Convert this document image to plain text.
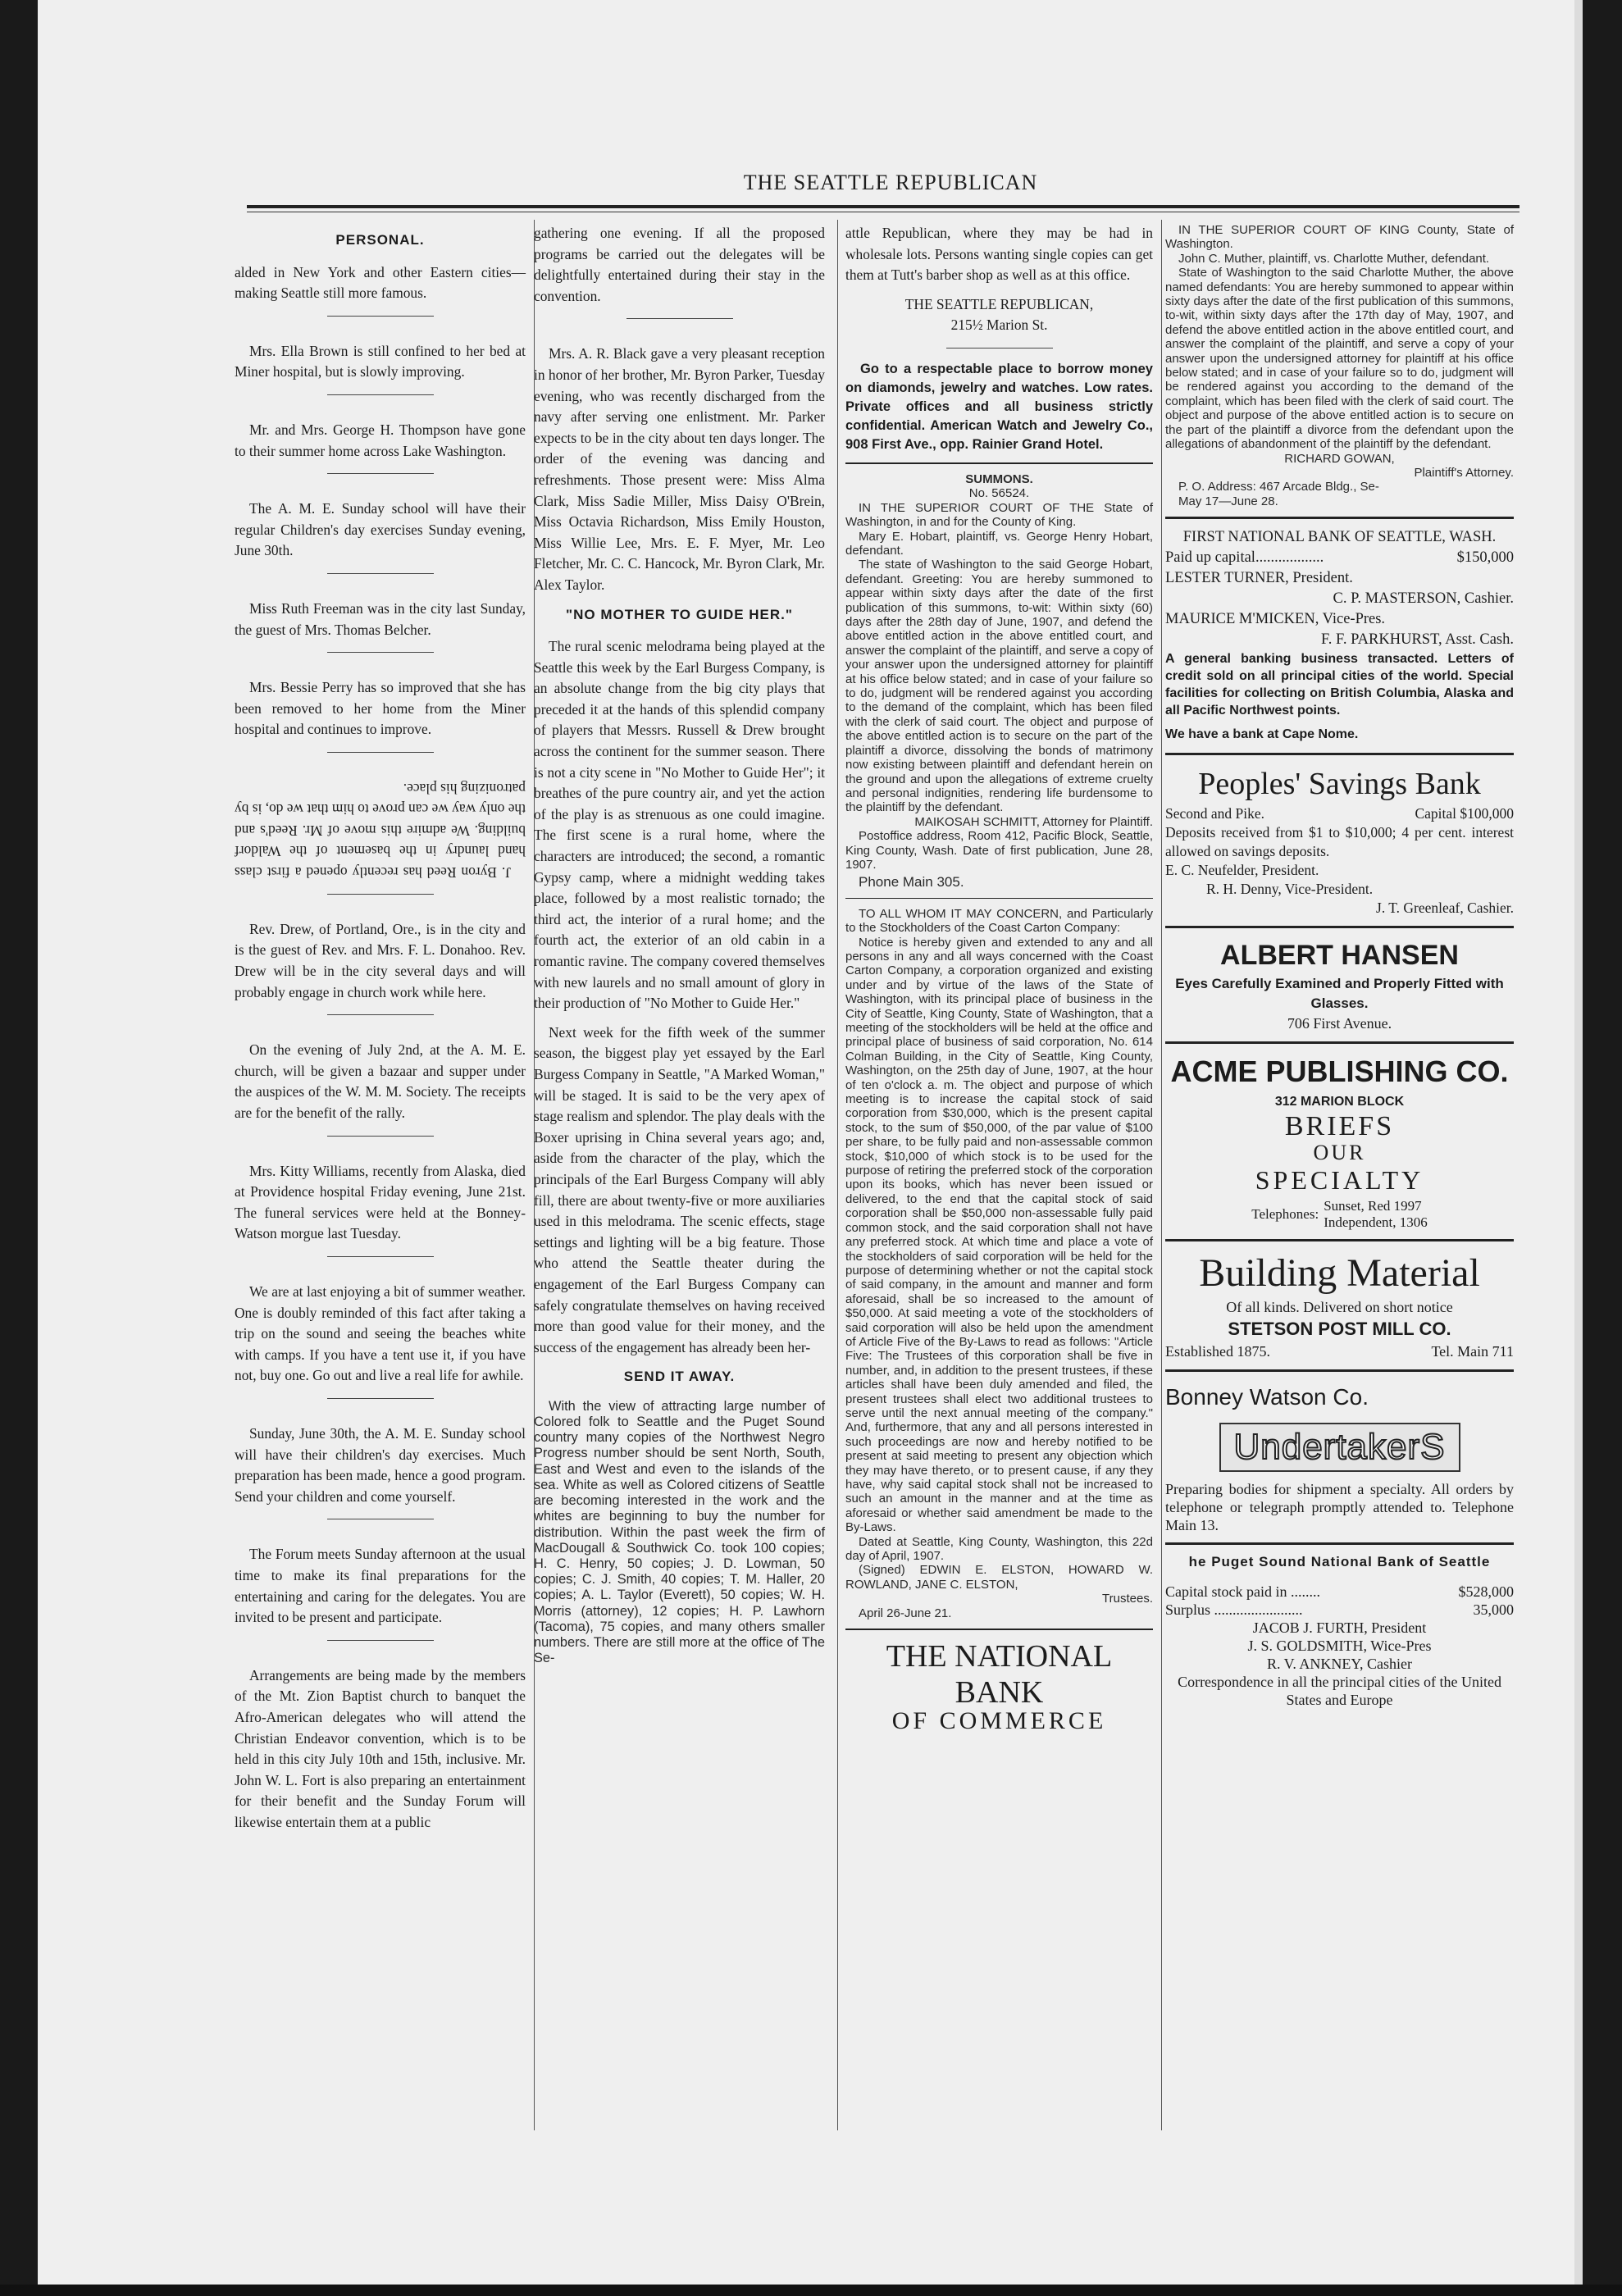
THE SEATTLE REPUBLICAN
PERSONAL.

alded in New York and other Eastern cities—making Seattle still more famous.

Mrs. Ella Brown is still confined to her bed at Miner hospital, but is slowly improving.

Mr. and Mrs. George H. Thompson have gone to their summer home across Lake Washington.

The A. M. E. Sunday school will have their regular Children's day exercises Sunday evening, June 30th.

Miss Ruth Freeman was in the city last Sunday, the guest of Mrs. Thomas Belcher.

Mrs. Bessie Perry has so improved that she has been removed to her home from the Miner hospital and continues to improve.

J. Byron Reed has recently opened a first class hand laundry in the basement of the Waldorf building. We admire this move of Mr. Reed's and the only way we can prove to him that we do, is by patronizing his place.

Rev. Drew, of Portland, Ore., is in the city and is the guest of Rev. and Mrs. F. L. Donahoo. Rev. Drew will be in the city several days and will probably engage in church work while here.

On the evening of July 2nd, at the A. M. E. church, will be given a bazaar and supper under the auspices of the W. M. M. Society. The receipts are for the benefit of the rally.

Mrs. Kitty Williams, recently from Alaska, died at Providence hospital Friday evening, June 21st. The funeral services were held at the Bonney-Watson morgue last Tuesday.

We are at last enjoying a bit of summer weather. One is doubly reminded of this fact after taking a trip on the sound and seeing the beaches white with camps. If you have a tent use it, if you have not, buy one. Go out and live a real life for awhile.

Sunday, June 30th, the A. M. E. Sunday school will have their children's day exercises. Much preparation has been made, hence a good program. Send your children and come yourself.

The Forum meets Sunday afternoon at the usual time to make its final preparations for the entertaining and caring for the delegates. You are invited to be present and participate.

Arrangements are being made by the members of the Mt. Zion Baptist church to banquet the Afro-American delegates who will attend the Christian Endeavor convention, which is to be held in this city July 10th and 15th, inclusive. Mr. John W. L. Fort is also preparing an entertainment for their benefit and the Sunday Forum will likewise entertain them at a public

gathering one evening. If all the proposed programs be carried out the delegates will be delightfully entertained during their stay in the convention.

Mrs. A. R. Black gave a very pleasant reception in honor of her brother, Mr. Byron Parker, Tuesday evening, who was recently discharged from the navy after serving one enlistment. Mr. Parker expects to be in the city about ten days longer. The order of the evening was dancing and refreshments. Those present were: Miss Alma Clark, Miss Sadie Miller, Miss Daisy O'Brein, Miss Octavia Richardson, Miss Emily Houston, Miss Willie Lee, Mrs. E. F. Myer, Mr. Leo Fletcher, Mr. C. C. Hancock, Mr. Byron Clark, Mr. Alex Taylor.

"NO MOTHER TO GUIDE HER."

The rural scenic melodrama being played at the Seattle this week by the Earl Burgess Company, is an absolute change from the big city plays that preceded it at the hands of this splendid company of players that Messrs. Russell & Drew brought across the continent for the summer season. There is not a city scene in "No Mother to Guide Her"; it breathes of the pure country air, and yet the action of the play is as strenuous as one could imagine. The first scene is a rural home, where the characters are introduced; the second, a romantic Gypsy camp, where a midnight wedding takes place, followed by a most realistic tornado; the third act, the interior of a rural home; and the fourth act, the exterior of an old cabin in a romantic ravine. The company covered themselves with new laurels and no small amount of glory in their production of "No Mother to Guide Her."

Next week for the fifth week of the summer season, the biggest play yet essayed by the Earl Burgess Company in Seattle, "A Marked Woman," will be staged. It is said to be the very apex of stage realism and splendor. The play deals with the Boxer uprising in China several years ago; and, aside from the character of the play, which the principals of the Earl Burgess Company will ably fill, there are about twenty-five or more auxiliaries used in this melodrama. The scenic effects, stage settings and lighting will be a big feature. Those who attend the Seattle theater during the engagement of the Earl Burgess Company can safely congratulate themselves on having received more than good value for their money, and the success of the engagement has already been her-

SEND IT AWAY.

With the view of attracting large number of Colored folk to Seattle and the Puget Sound country many copies of the Northwest Negro Progress number should be sent North, South, East and West and even to the islands of the sea. White as well as Colored citizens of Seattle are becoming interested in the work and the whites are beginning to buy the number for distribution. Within the past week the firm of MacDougall & Southwick Co. took 100 copies; H. C. Henry, 50 copies; J. D. Lowman, 50 copies; C. J. Smith, 40 copies; T. M. Haller, 20 copies; A. L. Taylor (Everett), 50 copies; W. H. Morris (attorney), 12 copies; H. P. Lawhorn (Tacoma), 75 copies, and many others smaller numbers. There are still more at the office of The Se-

attle Republican, where they may be had in wholesale lots. Persons wanting single copies can get them at Tutt's barber shop as well as at this office.

THE SEATTLE REPUBLICAN,
215½ Marion St.

Go to a respectable place to borrow money on diamonds, jewelry and watches. Low rates. Private offices and all business strictly confidential. American Watch and Jewelry Co., 908 First Ave., opp. Rainier Grand Hotel.

SUMMONS.

No. 56524.

IN THE SUPERIOR COURT OF THE State of Washington, in and for the County of King.

Mary E. Hobart, plaintiff, vs. George Henry Hobart, defendant.

The state of Washington to the said George Hobart, defendant. Greeting: You are hereby summoned to appear within sixty days after the date of the first publication of this summons, to-wit: Within sixty (60) days after the 28th day of June, 1907, and defend the above entitled action in the above entitled court, and answer the complaint of the plaintiff, and serve a copy of your answer upon the undersigned attorney for plaintiff at his office below stated; and in case of your failure so to do, judgment will be rendered against you according to the demand of the complaint, which has been filed with the clerk of said court. The object and purpose of the above entitled action is to secure on the part of the plaintiff a divorce, dissolving the bonds of matrimony now existing between plaintiff and defendant herein on the ground and upon the allegations of extreme cruelty and personal indignities, rendering life burdensome to the plaintiff by the defendant.

MAIKOSAH SCHMITT, Attorney for Plaintiff.

Postoffice address, Room 412, Pacific Block, Seattle, King County, Wash. Date of first publication, June 28, 1907.

Phone Main 305.

TO ALL WHOM IT MAY CONCERN, and Particularly to the Stockholders of the Coast Carton Company:

Notice is hereby given and extended to any and all persons in any and all ways concerned with the Coast Carton Company, a corporation organized and existing under and by virtue of the laws of the State of Washington, with its principal place of business in the City of Seattle, King County, State of Washington, that a meeting of the stockholders will be held at the office and principal place of business of said corporation, No. 614 Colman Building, in the City of Seattle, King County, Washington, on the 25th day of June, 1907, at the hour of ten o'clock a. m. The object and purpose of which meeting is to increase the capital stock of said corporation from $30,000, which is the present capital stock, to the sum of $50,000, of the par value of $100 per share, to be fully paid and non-assessable common stock, $10,000 of which stock is to be used for the purpose of retiring the preferred stock of the corporation upon its books, which has never been issued or delivered, to the end that the capital stock of said corporation shall be $50,000 non-assessable fully paid common stock, and the said corporation shall not have any preferred stock. At which time and place a vote of the stockholders of said corporation will be held for the purpose of determining whether or not the capital stock of said company, in the amount and manner and form aforesaid, shall be so increased to the amount of $50,000. At said meeting a vote of the stockholders of said corporation will also be held upon the amendment of Article Five of the By-Laws to read as follows: "Article Five: The Trustees of this corporation shall be five in number, and, in addition to the present trustees, if these articles shall have been duly amended and filed, the present trustees shall elect two additional trustees to serve until the next annual meeting of the company." And, furthermore, that any and all persons interested in such proceedings are now and hereby notified to be present at said meeting to present any objection which they may have thereto, or to present cause, if any they have, why said capital stock shall not be increased to such an amount in the manner and at the time as aforesaid or whether said amendment be made to the By-Laws.

Dated at Seattle, King County, Washington, this 22d day of April, 1907.

(Signed) EDWIN E. ELSTON, HOWARD W. ROWLAND, JANE C. ELSTON,

Trustees.

April 26-June 21.

THE NATIONAL BANK
OF COMMERCE

IN THE SUPERIOR COURT OF KING County, State of Washington.

John C. Muther, plaintiff, vs. Charlotte Muther, defendant.

State of Washington to the said Charlotte Muther, the above named defendants: You are hereby summoned to appear within sixty days after the date of the first publication of this summons, to-wit, within sixty days after the 17th day of May, 1907, and defend the above entitled action in the above entitled court, and answer the complaint of the plaintiff, and serve a copy of your answer upon the undersigned attorney for plaintiff at his office below stated; and in case of your failure so to do, judgment will be rendered against you according to the demand of the complaint, which has been filed with the clerk of said court. The object and purpose of the above entitled action is to secure on the part of the plaintiff a divorce from the defendant upon the allegations of abandonment of the plaintiff by the defendant.

RICHARD GOWAN,

Plaintiff's Attorney.

P. O. Address: 467 Arcade Bldg., Se-

May 17—June 28.

FIRST NATIONAL BANK OF SEATTLE, WASH.
Paid up capital..................	$150,000
LESTER TURNER, President.
C. P. MASTERSON, Cashier.
MAURICE M'MICKEN, Vice-Pres.
F. F. PARKHURST, Asst. Cash.
A general banking business transacted. Letters of credit sold on all principal cities of the world. Special facilities for collecting on British Columbia, Alaska and all Pacific Northwest points.
We have a bank at Cape Nome.
Peoples' Savings Bank
Second and Pike.	Capital $100,000
Deposits received from $1 to $10,000; 4 per cent. interest allowed on savings deposits.
E. C. Neufelder, President.
R. H. Denny, Vice-President.
J. T. Greenleaf, Cashier.
ALBERT HANSEN
Eyes Carefully Examined and Properly Fitted with Glasses.
706 First Avenue.
ACME PUBLISHING CO.
312 MARION BLOCK
BRIEFS
OUR
SPECIALTY
Telephones:
Sunset, Red 1997
Independent, 1306
Building Material
Of all kinds. Delivered on short notice
STETSON POST MILL CO.
Established 1875.	Tel. Main 711
Bonney Watson Co.
UndertakerS
Preparing bodies for shipment a specialty. All orders by telephone or telegraph promptly attended to. Telephone Main 13.
he Puget Sound National Bank of Seattle
Capital stock paid in ........	$528,000
Surplus ........................	35,000
JACOB J. FURTH, President
J. S. GOLDSMITH, Wice-Pres
R. V. ANKNEY, Cashier
Correspondence in all the principal cities of the United States and Europe
